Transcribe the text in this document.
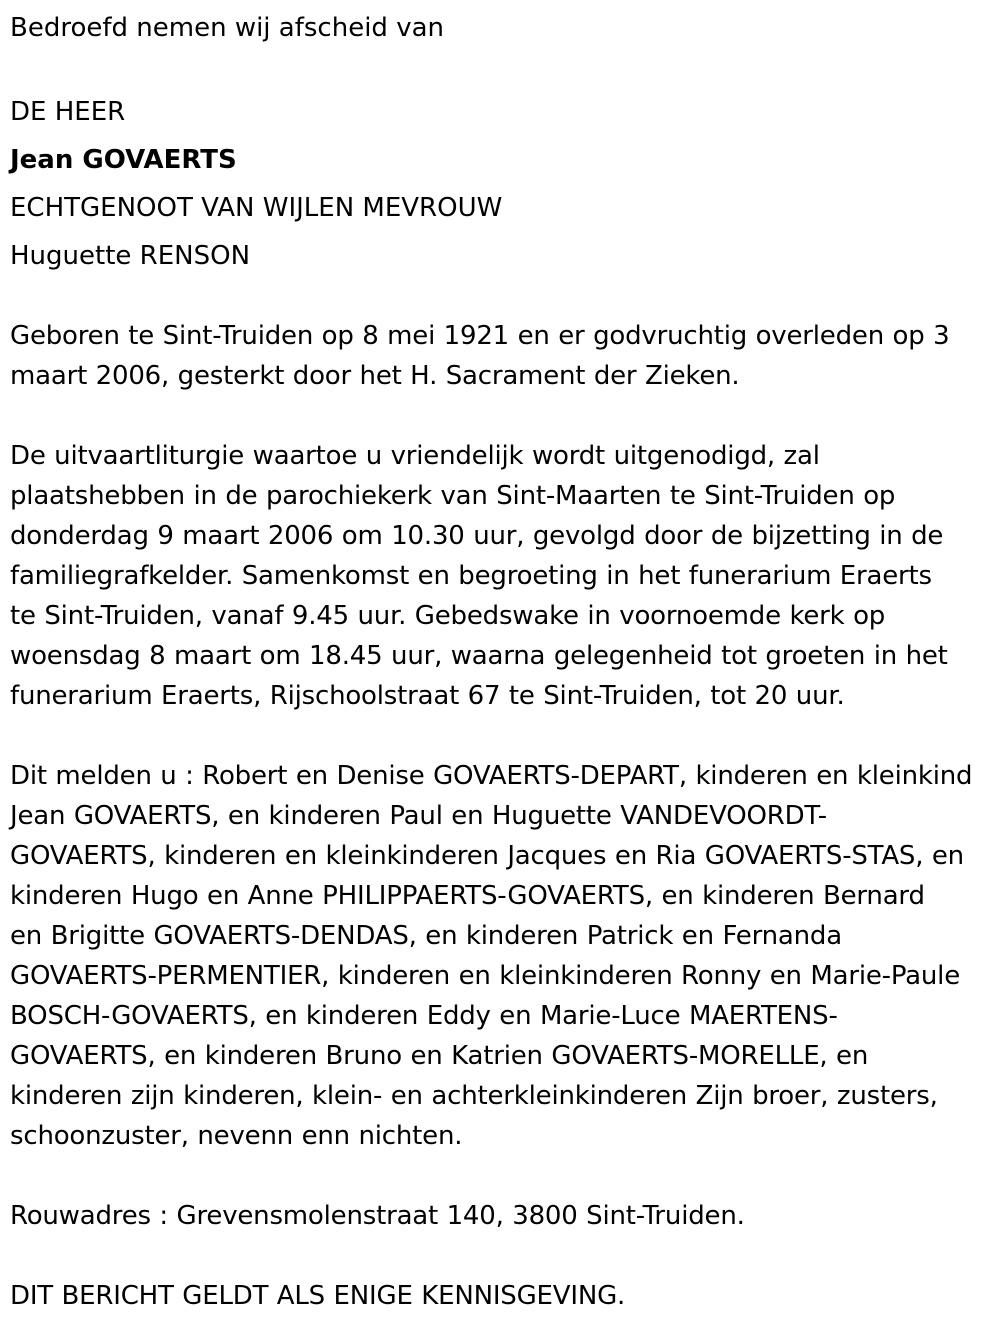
Bedroefd nemen wij afscheid van

DE HEER

Jean GOVAERTS

ECHTGENOOT VAN WIJLEN MEVROUW

Huguette RENSON

Geboren te Sint-Truiden op 8 mei 1921 en er godvruchtig overleden op 3

maart 2006, gesterkt door het H. Sacrament der Zieken.

De uitvaartliturgie waartoe u vriendelijk wordt uitgenodigd, zal

plaatshebben in de parochiekerk van Sint-Maarten te Sint-Truiden op

donderdag 9 maart 2006 om 10.30 uur, gevolgd door de bijzetting in de

familiegrafkelder. Samenkomst en begroeting in het funerarium Eraerts

te Sint-Truiden, vanaf 9.45 uur. Gebedswake in voornoemde kerk op

woensdag 8 maart om 18.45 uur, waarna gelegenheid tot groeten in het

funerarium Eraerts, Rijschoolstraat 67 te Sint-Truiden, tot 20 uur.

Dit melden u : Robert en Denise GOVAERTS-DEPART, kinderen en kleinkind

Jean GOVAERTS, en kinderen Paul en Huguette VANDEVOORDT-

GOVAERTS, kinderen en kleinkinderen Jacques en Ria GOVAERTS-STAS, en

kinderen Hugo en Anne PHILIPPAERTS-GOVAERTS, en kinderen Bernard

en Brigitte GOVAERTS-DENDAS, en kinderen Patrick en Fernanda

GOVAERTS-PERMENTIER, kinderen en kleinkinderen Ronny en Marie-Paule

BOSCH-GOVAERTS, en kinderen Eddy en Marie-Luce MAERTENS-

GOVAERTS, en kinderen Bruno en Katrien GOVAERTS-MORELLE, en

kinderen zijn kinderen, klein- en achterkleinkinderen Zijn broer, zusters,

schoonzuster, nevenn enn nichten.

Rouwadres : Grevensmolenstraat 140, 3800 Sint-Truiden.

DIT BERICHT GELDT ALS ENIGE KENNISGEVING.
